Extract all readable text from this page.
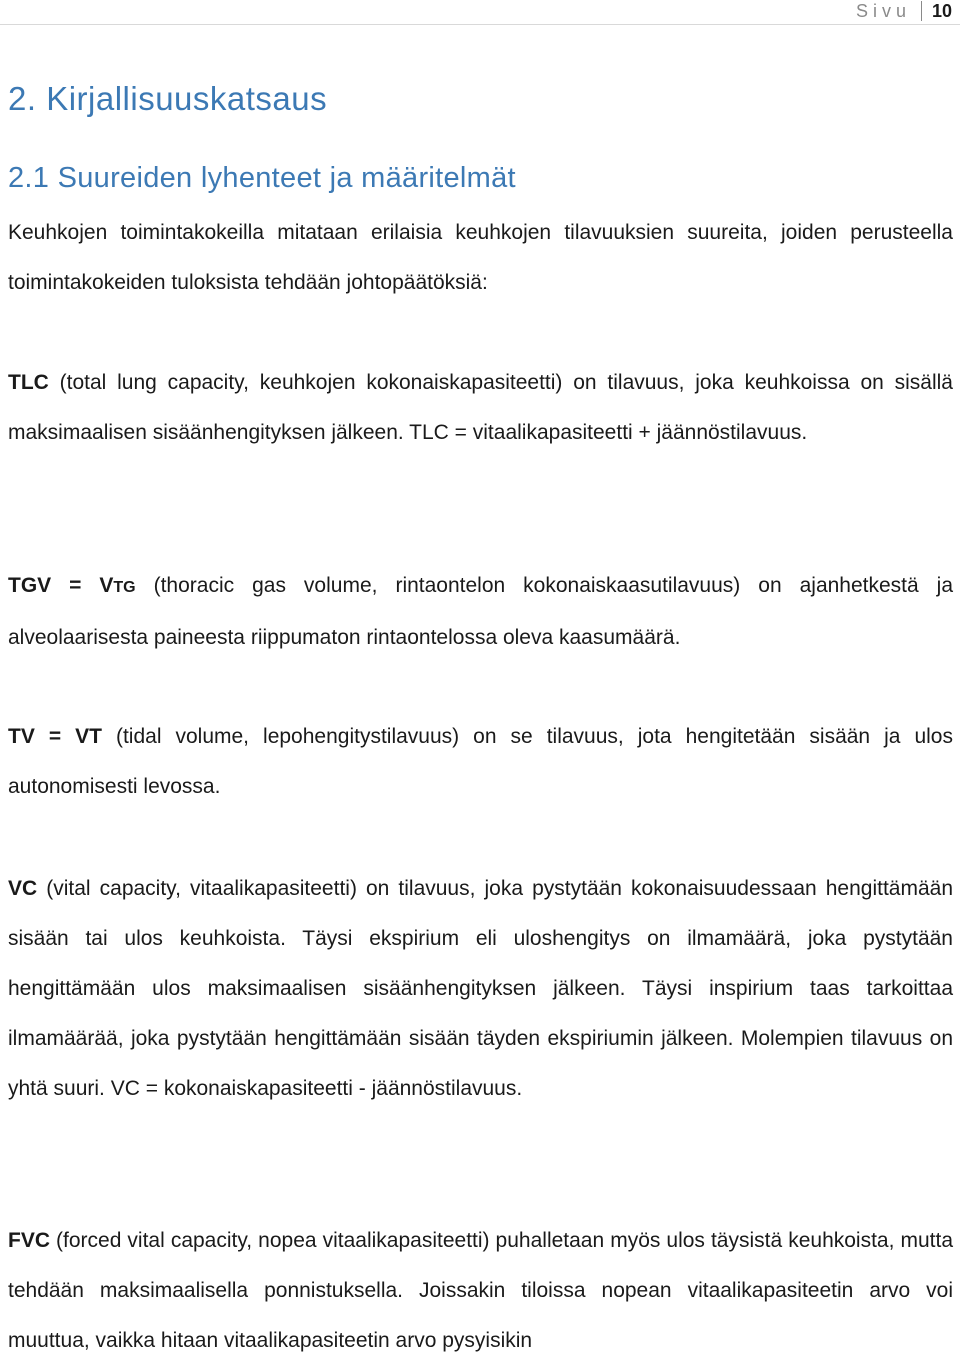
Sivu	10
2. Kirjallisuuskatsaus
2.1 Suureiden lyhenteet ja määritelmät

Keuhkojen toimintakokeilla mitataan erilaisia keuhkojen tilavuuksien suureita, joiden perusteella toimintakokeiden tuloksista tehdään johtopäätöksiä:

TLC (total lung capacity, keuhkojen kokonaiskapasiteetti) on tilavuus, joka keuhkoissa on sisällä maksimaalisen sisäänhengityksen jälkeen. TLC = vitaalikapasiteetti + jäännöstilavuus.

TGV = VTG (thoracic gas volume, rintaontelon kokonaiskaasutilavuus) on ajanhetkestä ja alveolaarisesta paineesta riippumaton rintaontelossa oleva kaasumäärä.

TV = VT (tidal volume, lepohengitystilavuus) on se tilavuus, jota hengitetään sisään ja ulos autonomisesti levossa.

VC (vital capacity, vitaalikapasiteetti) on tilavuus, joka pystytään kokonaisuudessaan hengittämään sisään tai ulos keuhkoista. Täysi ekspirium eli uloshengitys on ilmamäärä, joka pystytään hengittämään ulos maksimaalisen sisäänhengityksen jälkeen. Täysi inspirium taas tarkoittaa ilmamäärää, joka pystytään hengittämään sisään täyden ekspiriumin jälkeen. Molempien tilavuus on yhtä suuri. VC = kokonaiskapasiteetti - jäännöstilavuus.

FVC (forced vital capacity, nopea vitaalikapasiteetti) puhalletaan myös ulos täysistä keuhkoista, mutta tehdään maksimaalisella ponnistuksella. Joissakin tiloissa nopean vitaalikapasiteetin arvo voi muuttua, vaikka hitaan vitaalikapasiteetin arvo pysyisikin
